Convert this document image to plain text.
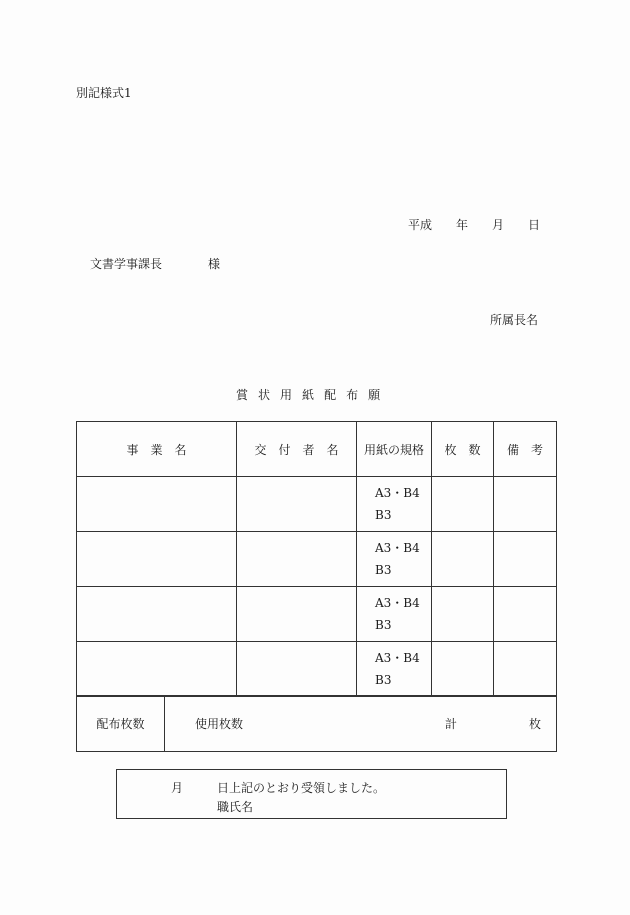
別記様式1
平成 年 月 日
文書学事課長	様
所属長名
賞 状 用 紙 配 布 願
事 業 名	交 付 者 名	用紙の規格	枚 数	備 考

		A3・B4
B3		

		A3・B4
B3		

		A3・B4
B3		

		A3・B4
B3		

配布枚数	使用枚数	計	枚
月	日上記のとおり受領しました。
職氏名
